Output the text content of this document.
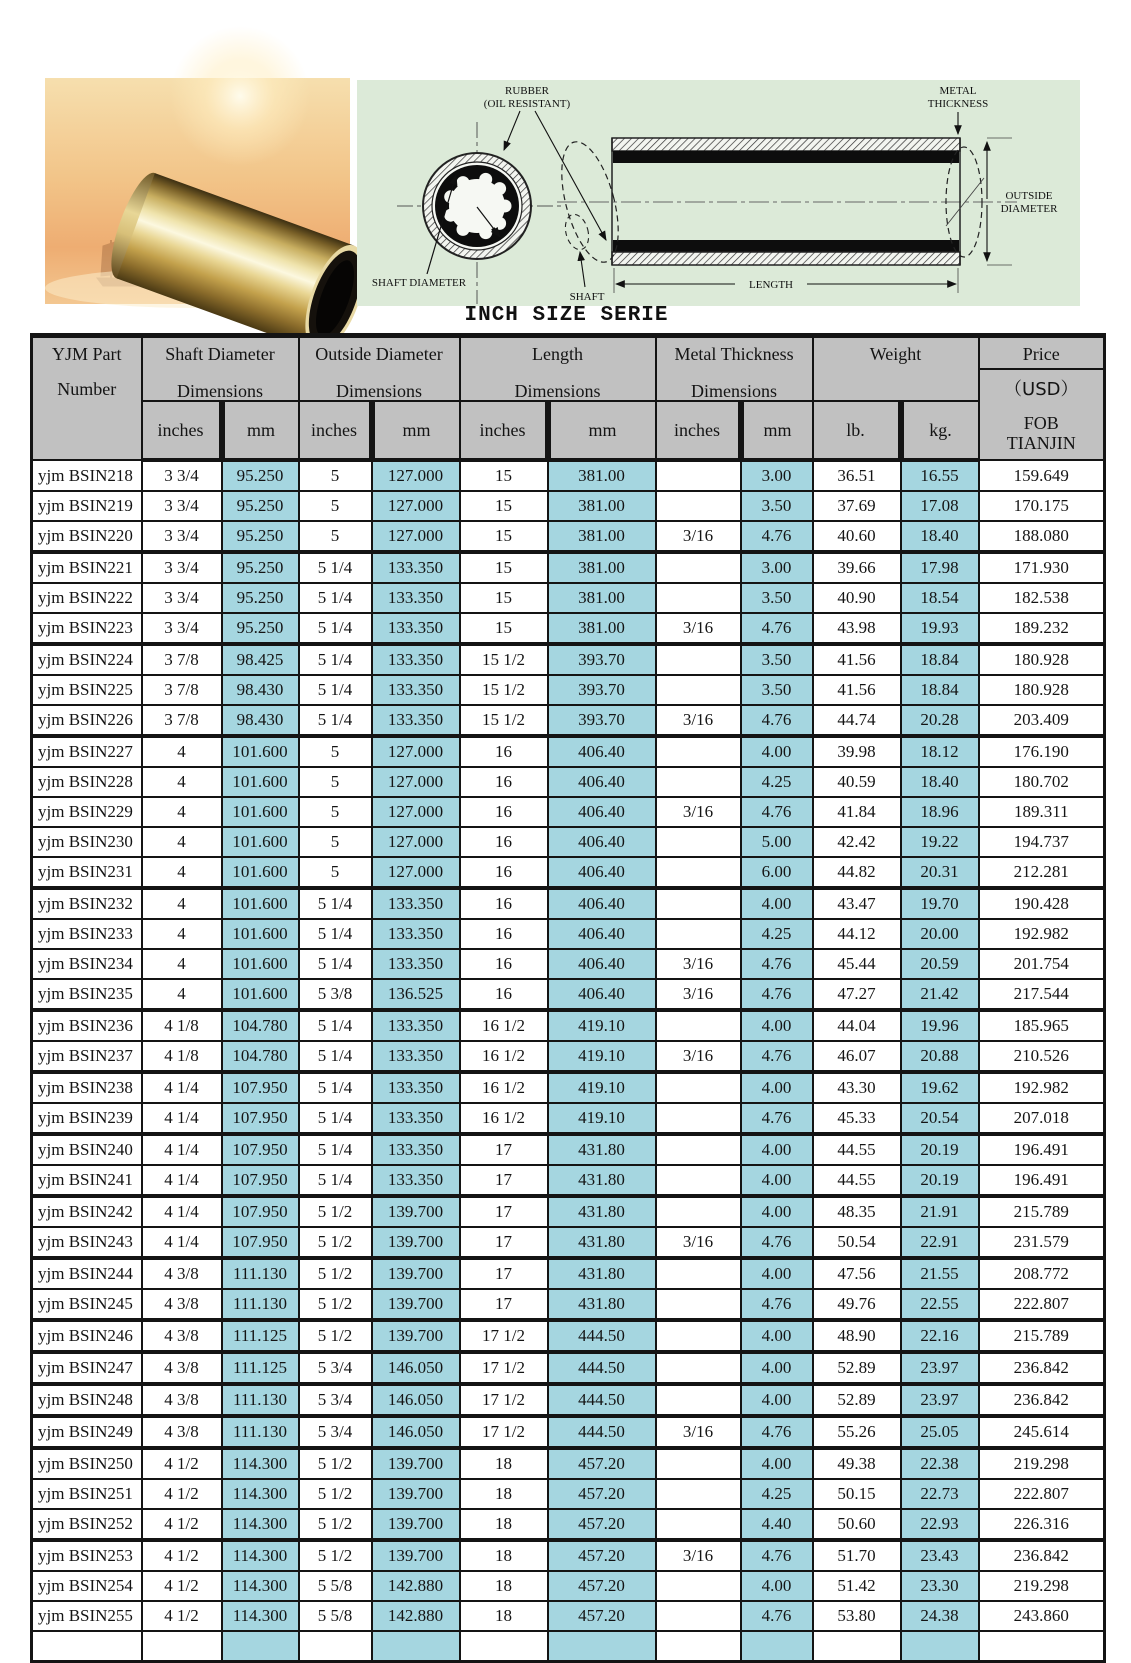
RUBBER
(OIL RESISTANT)
METAL
THICKNESS
OUTSIDE
DIAMETER
SHAFT DIAMETER
SHAFT
LENGTH
INCH SIZE SERIE
YJM Part
Number	Shaft Diameter
Dimensions		Outside Diameter
Dimensions		Length
Dimensions		Metal Thickness
Dimensions		Weight		Price

											（USD）
FOB
TIANJIN

	inches	mm	inches	mm	inches	mm	inches	mm	lb.	kg.	
yjm BSIN218	3 3/4	95.250	5	127.000	15	381.00		3.00	36.51	16.55	159.649
yjm BSIN219	3 3/4	95.250	5	127.000	15	381.00		3.50	37.69	17.08	170.175
yjm BSIN220	3 3/4	95.250	5	127.000	15	381.00	3/16	4.76	40.60	18.40	188.080
yjm BSIN221	3 3/4	95.250	5 1/4	133.350	15	381.00		3.00	39.66	17.98	171.930
yjm BSIN222	3 3/4	95.250	5 1/4	133.350	15	381.00		3.50	40.90	18.54	182.538
yjm BSIN223	3 3/4	95.250	5 1/4	133.350	15	381.00	3/16	4.76	43.98	19.93	189.232
yjm BSIN224	3 7/8	98.425	5 1/4	133.350	15 1/2	393.70		3.50	41.56	18.84	180.928
yjm BSIN225	3 7/8	98.430	5 1/4	133.350	15 1/2	393.70		3.50	41.56	18.84	180.928
yjm BSIN226	3 7/8	98.430	5 1/4	133.350	15 1/2	393.70	3/16	4.76	44.74	20.28	203.409
yjm BSIN227	4	101.600	5	127.000	16	406.40		4.00	39.98	18.12	176.190
yjm BSIN228	4	101.600	5	127.000	16	406.40		4.25	40.59	18.40	180.702
yjm BSIN229	4	101.600	5	127.000	16	406.40	3/16	4.76	41.84	18.96	189.311
yjm BSIN230	4	101.600	5	127.000	16	406.40		5.00	42.42	19.22	194.737
yjm BSIN231	4	101.600	5	127.000	16	406.40		6.00	44.82	20.31	212.281
yjm BSIN232	4	101.600	5 1/4	133.350	16	406.40		4.00	43.47	19.70	190.428
yjm BSIN233	4	101.600	5 1/4	133.350	16	406.40		4.25	44.12	20.00	192.982
yjm BSIN234	4	101.600	5 1/4	133.350	16	406.40	3/16	4.76	45.44	20.59	201.754
yjm BSIN235	4	101.600	5 3/8	136.525	16	406.40	3/16	4.76	47.27	21.42	217.544
yjm BSIN236	4 1/8	104.780	5 1/4	133.350	16 1/2	419.10		4.00	44.04	19.96	185.965
yjm BSIN237	4 1/8	104.780	5 1/4	133.350	16 1/2	419.10	3/16	4.76	46.07	20.88	210.526
yjm BSIN238	4 1/4	107.950	5 1/4	133.350	16 1/2	419.10		4.00	43.30	19.62	192.982
yjm BSIN239	4 1/4	107.950	5 1/4	133.350	16 1/2	419.10		4.76	45.33	20.54	207.018
yjm BSIN240	4 1/4	107.950	5 1/4	133.350	17	431.80		4.00	44.55	20.19	196.491
yjm BSIN241	4 1/4	107.950	5 1/4	133.350	17	431.80		4.00	44.55	20.19	196.491
yjm BSIN242	4 1/4	107.950	5 1/2	139.700	17	431.80		4.00	48.35	21.91	215.789
yjm BSIN243	4 1/4	107.950	5 1/2	139.700	17	431.80	3/16	4.76	50.54	22.91	231.579
yjm BSIN244	4 3/8	111.130	5 1/2	139.700	17	431.80		4.00	47.56	21.55	208.772
yjm BSIN245	4 3/8	111.130	5 1/2	139.700	17	431.80		4.76	49.76	22.55	222.807
yjm BSIN246	4 3/8	111.125	5 1/2	139.700	17 1/2	444.50		4.00	48.90	22.16	215.789
yjm BSIN247	4 3/8	111.125	5 3/4	146.050	17 1/2	444.50		4.00	52.89	23.97	236.842
yjm BSIN248	4 3/8	111.130	5 3/4	146.050	17 1/2	444.50		4.00	52.89	23.97	236.842
yjm BSIN249	4 3/8	111.130	5 3/4	146.050	17 1/2	444.50	3/16	4.76	55.26	25.05	245.614
yjm BSIN250	4 1/2	114.300	5 1/2	139.700	18	457.20		4.00	49.38	22.38	219.298
yjm BSIN251	4 1/2	114.300	5 1/2	139.700	18	457.20		4.25	50.15	22.73	222.807
yjm BSIN252	4 1/2	114.300	5 1/2	139.700	18	457.20		4.40	50.60	22.93	226.316
yjm BSIN253	4 1/2	114.300	5 1/2	139.700	18	457.20	3/16	4.76	51.70	23.43	236.842
yjm BSIN254	4 1/2	114.300	5 5/8	142.880	18	457.20		4.00	51.42	23.30	219.298
yjm BSIN255	4 1/2	114.300	5 5/8	142.880	18	457.20		4.76	53.80	24.38	243.860
